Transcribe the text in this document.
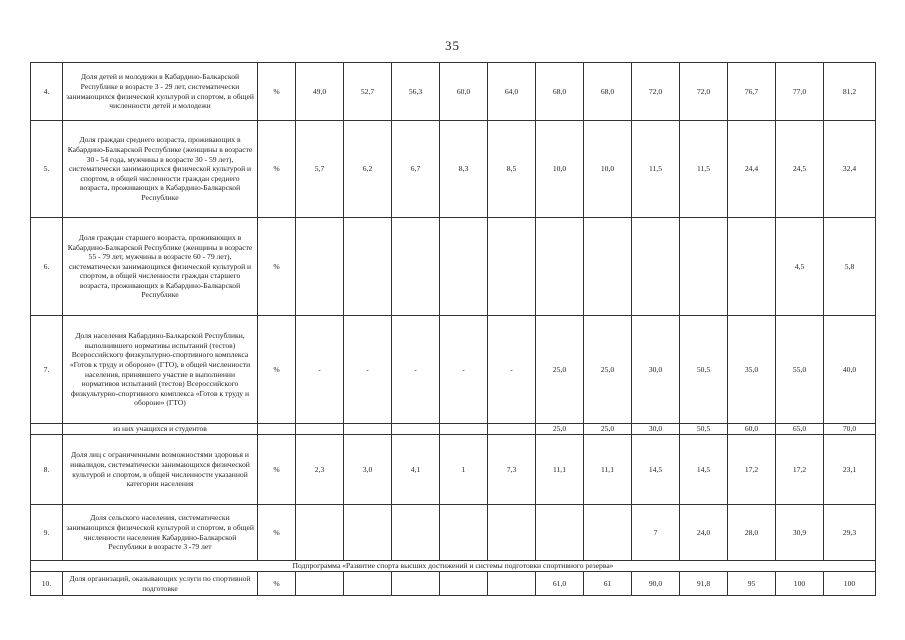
35
4.	Доля детей и молодежи в Кабардино-Балкарской Республике в возрасте 3 - 29 лет, систематически занимающихся физической культурой и спортом, в общей численности детей и молодежи	%	49,0	52,7	56,3	60,0	64,0	68,0	68,0	72,0	72,0	76,7	77,0	81,2
5.	Доля граждан среднего возраста, проживающих в Кабардино-Балкарской Республике (женщины в возрасте 30 - 54 года, мужчины в возрасте 30 - 59 лет), систематически занимающихся физической культурой и спортом, в общей численности граждан среднего возраста, проживающих в Кабардино-Балкарской Республике	%	5,7	6,2	6,7	8,3	8,5	10,0	10,0	11,5	11,5	24,4	24,5	32,4
6.	Доля граждан старшего возраста, проживающих в Кабардино-Балкарской Республике (женщины в возрасте 55 - 79 лет, мужчины в возрасте 60 - 79 лет), систематически занимающихся физической культурой и спортом, в общей численности граждан старшего возраста, проживающих в Кабардино-Балкарской Республике	%											4,5	5,8
7.	Доля населения Кабардино-Балкарской Республики, выполнившего нормативы испытаний (тестов) Всероссийского физкультурно-спортивного комплекса «Готов к труду и обороне» (ГТО), в общей численности населения, принявшего участие в выполнении нормативов испытаний (тестов) Всероссийского физкультурно-спортивного комплекса «Готов к труду и обороне» (ГТО)	%	-	-	-	-	-	25,0	25,0	30,0	50,5	35,0	55,0	40,0
	из них учащихся и студентов							25,0	25,0	30,0	50,5	60,0	65,0	70,0
8.	Доля лиц с ограниченными возможностями здоровья и инвалидов, систематически занимающихся физической культурой и спортом, в общей численности указанной категории населения	%	2,3	3,0	4,1	1	7,3	11,1	11,1	14,5	14,5	17,2	17,2	23,1
9.	Доля сельского населения, систематически занимающихся физической культурой и спортом, в общей численности населения Кабардино-Балкарской Республики в возрасте 3 -79 лет	%								7	24,0	28,0	30,9	29,3
Подпрограмма «Развитие спорта высших достижений и системы подготовки спортивного резерва»														
10.	Доля организаций, оказывающих услуги по спортивной подготовке	%						61,0	61	90,0	91,8	95	100	100
